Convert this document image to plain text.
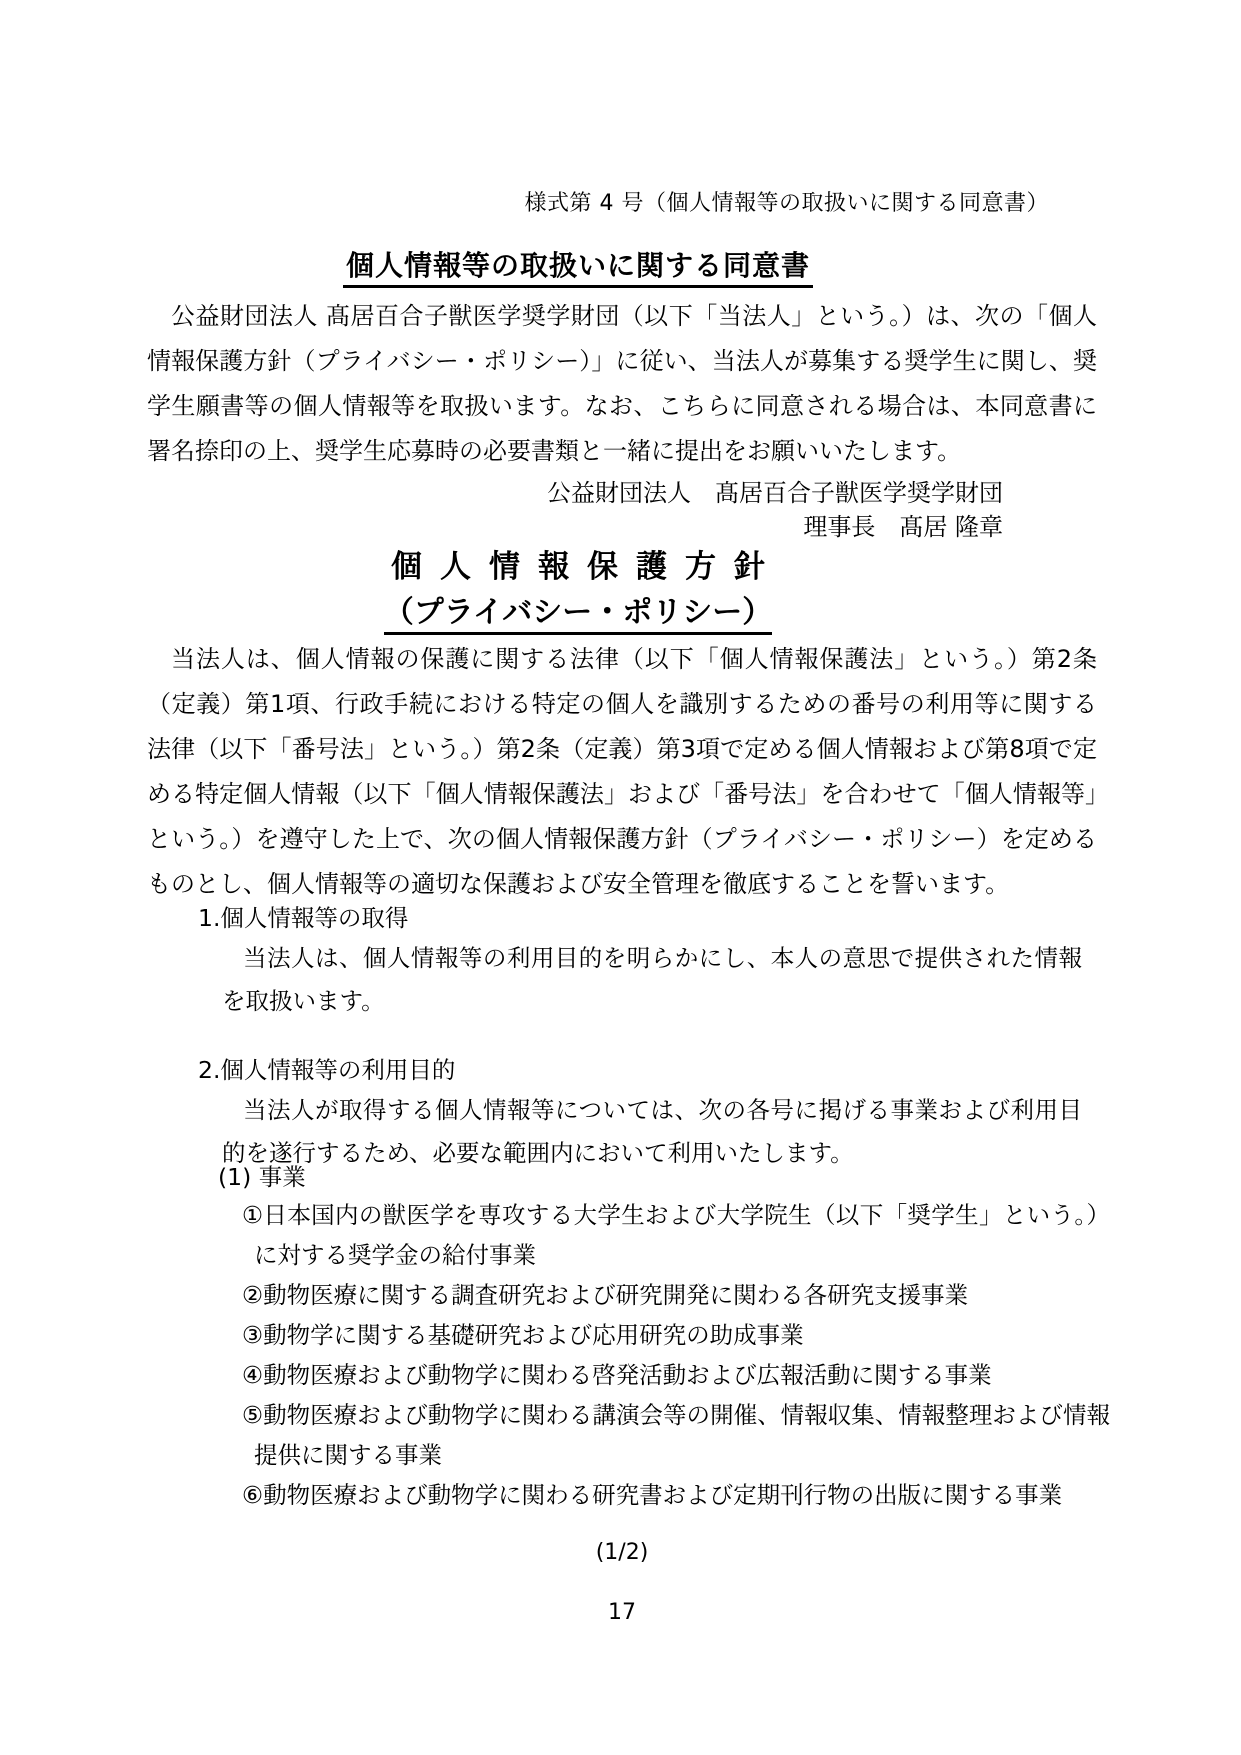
様式第 4 号（個人情報等の取扱いに関する同意書）
個人情報等の取扱いに関する同意書
公益財団法人 髙居百合子獣医学奨学財団（以下「当法人」という。）は、次の「個人情報保護方針（プライバシー・ポリシー）」に従い、当法人が募集する奨学生に関し、奨学生願書等の個人情報等を取扱います。なお、こちらに同意される場合は、本同意書に署名捺印の上、奨学生応募時の必要書類と一緒に提出をお願いいたします。
公益財団法人　髙居百合子獣医学奨学財団
理事長　髙居 隆章
個人情報保護方針
（プライバシー・ポリシー）
当法人は、個人情報の保護に関する法律（以下「個人情報保護法」という。）第2条（定義）第1項、行政手続における特定の個人を識別するための番号の利用等に関する法律（以下「番号法」という。）第2条（定義）第3項で定める個人情報および第8項で定める特定個人情報（以下「個人情報保護法」および「番号法」を合わせて「個人情報等」という。）を遵守した上で、次の個人情報保護方針（プライバシー・ポリシー）を定めるものとし、個人情報等の適切な保護および安全管理を徹底することを誓います。
1.個人情報等の取得
当法人は、個人情報等の利用目的を明らかにし、本人の意思で提供された情報を取扱います。
2.個人情報等の利用目的
当法人が取得する個人情報等については、次の各号に掲げる事業および利用目的を遂行するため、必要な範囲内において利用いたします。
(1) 事業
①日本国内の獣医学を専攻する大学生および大学院生（以下「奨学生」という。）に対する奨学金の給付事業
②動物医療に関する調査研究および研究開発に関わる各研究支援事業
③動物学に関する基礎研究および応用研究の助成事業
④動物医療および動物学に関わる啓発活動および広報活動に関する事業
⑤動物医療および動物学に関わる講演会等の開催、情報収集、情報整理および情報提供に関する事業
⑥動物医療および動物学に関わる研究書および定期刊行物の出版に関する事業
(1/2)
17
